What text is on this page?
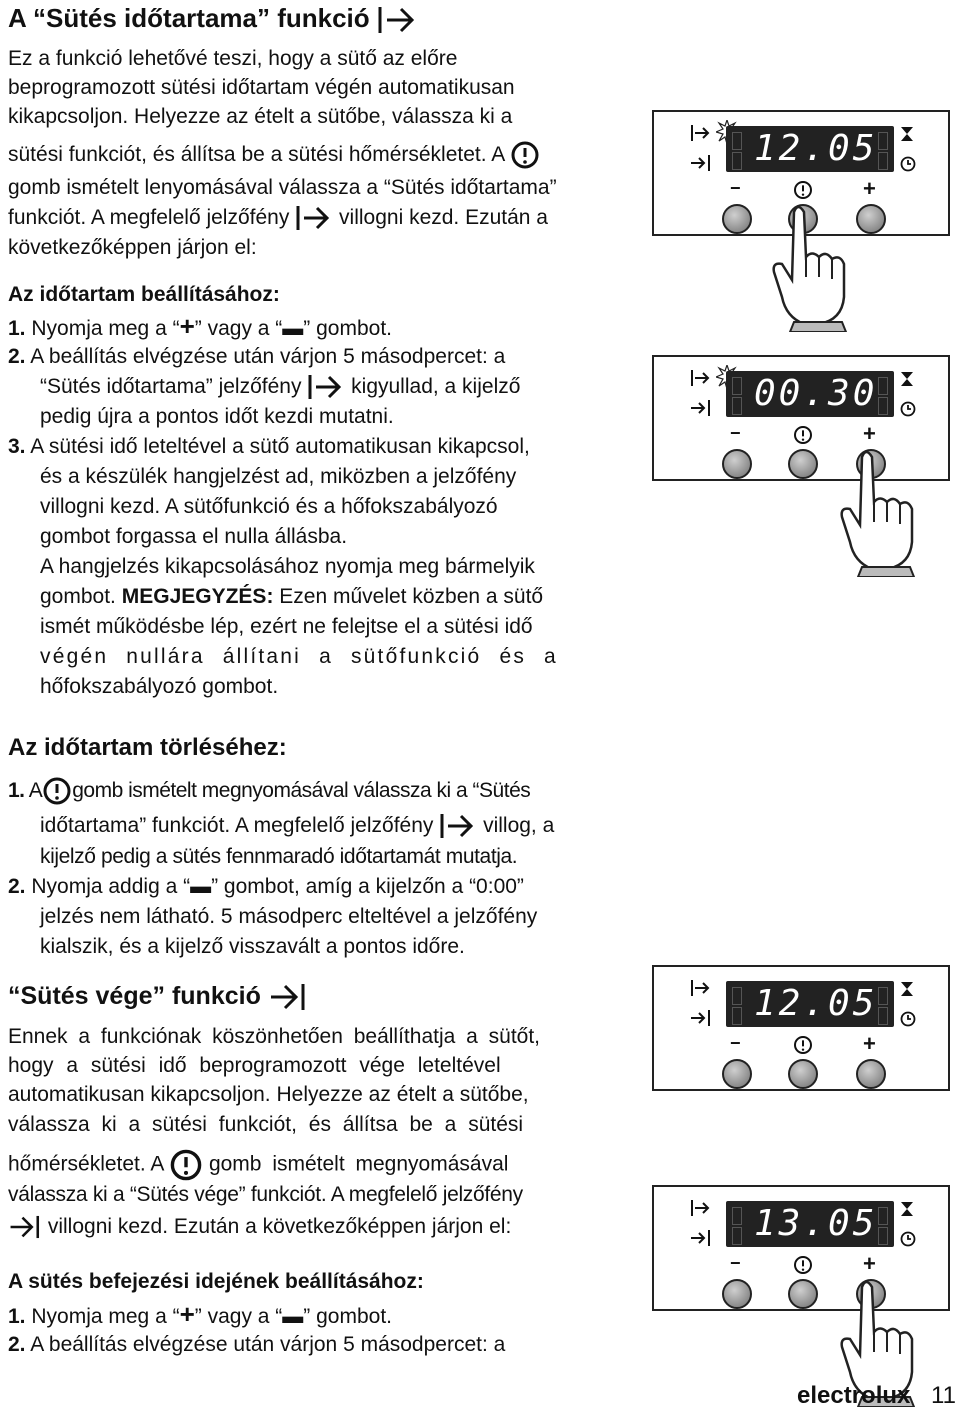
A “Sütés időtartama” funkció
Ez a funkció lehetővé teszi, hogy a sütő az előre
beprogramozott sütési időtartam végén automatikusan
kikapcsoljon. Helyezze az ételt a sütőbe, válassza ki a
sütési funkciót, és állítsa be a sütési hőmérsékletet. A
gomb ismételt lenyomásával válassza a “Sütés időtartama”
funkciót. A megfelelő jelzőfény villogni kezd. Ezután a
következőképpen járjon el:
Az időtartam beállításához:
1. Nyomja meg a “+” vagy a “▬” gombot.
2. A beállítás elvégzése után várjon 5 másodpercet: a
“Sütés időtartama” jelzőfény kigyullad, a kijelző
pedig újra a pontos időt kezdi mutatni.
3. A sütési idő leteltével a sütő automatikusan kikapcsol,
és a készülék hangjelzést ad, miközben a jelzőfény
villogni kezd. A sütőfunkció és a hőfokszabályozó
gombot forgassa el nulla állásba.
A hangjelzés kikapcsolásához nyomja meg bármelyik
gombot. MEGJEGYZÉS: Ezen művelet közben a sütő
ismét működésbe lép, ezért ne felejtse el a sütési idő
végén nullára állítani a sütőfunkció és a
hőfokszabályozó gombot.
Az időtartam törléséhez:
1. A gomb ismételt megnyomásával válassza ki a “Sütés
időtartama” funkciót. A megfelelő jelzőfény villog, a
kijelző pedig a sütés fennmaradó időtartamát mutatja.
2. Nyomja addig a “▬” gombot, amíg a kijelzőn a “0:00”
jelzés nem látható. 5 másodperc elteltével a jelzőfény
kialszik, és a kijelző visszavált a pontos időre.
“Sütés vége” funkció
Ennek a funkciónak köszönhetően beállíthatja a sütőt,
hogy a sütési idő beprogramozott vége leteltével
automatikusan kikapcsoljon. Helyezze az ételt a sütőbe,
válassza ki a sütési funkciót, és állítsa be a sütési
hőmérsékletet. A gomb ismételt megnyomásával
válassza ki a “Sütés vége” funkciót. A megfelelő jelzőfény
villogni kezd. Ezután a következőképpen járjon el:
A sütés befejezési idejének beállításához:
1. Nyomja meg a “+” vagy a “▬” gombot.
2. A beállítás elvégzése után várjon 5 másodpercet: a
12.05
−	+
00.30
−	+
12.05
−	+
13.05
−	+
electrolux 11
